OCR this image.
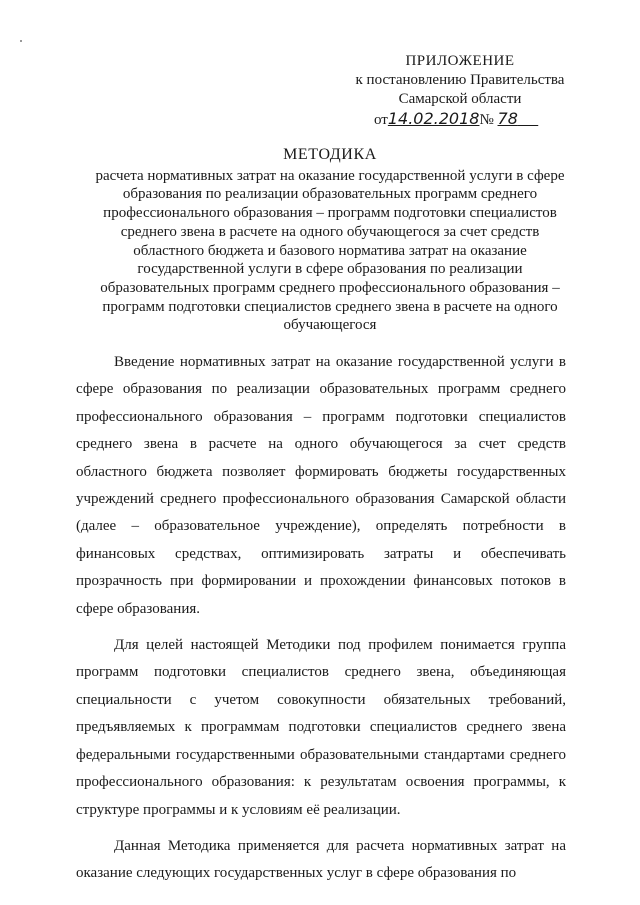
ПРИЛОЖЕНИЕ
к постановлению Правительства
Самарской области
от14.02.2018№ 78
МЕТОДИКА
расчета нормативных затрат на оказание государственной услуги в сфере
образования по реализации образовательных программ среднего
профессионального образования – программ подготовки специалистов
среднего звена в расчете на одного обучающегося за счет средств
областного бюджета и базового норматива затрат на оказание
государственной услуги в сфере образования по реализации
образовательных программ среднего профессионального образования –
программ подготовки специалистов среднего звена в расчете на одного
обучающегося

Введение нормативных затрат на оказание государственной услуги в сфере образования по реализации образовательных программ среднего профессионального образования – программ подготовки специалистов среднего звена в расчете на одного обучающегося за счет средств областного бюджета позволяет формировать бюджеты государственных учреждений среднего профессионального образования Самарской области (далее – образовательное учреждение), определять потребности в финансовых средствах, оптимизировать затраты и обеспечивать прозрачность при формировании и прохождении финансовых потоков в сфере образования.

Для целей настоящей Методики под профилем понимается группа программ подготовки специалистов среднего звена, объединяющая специальности с учетом совокупности обязательных требований, предъявляемых к программам подготовки специалистов среднего звена федеральными государственными образовательными стандартами среднего профессионального образования: к результатам освоения программы, к структуре программы и к условиям её реализации.

Данная Методика применяется для расчета нормативных затрат на оказание следующих государственных услуг в сфере образования по
